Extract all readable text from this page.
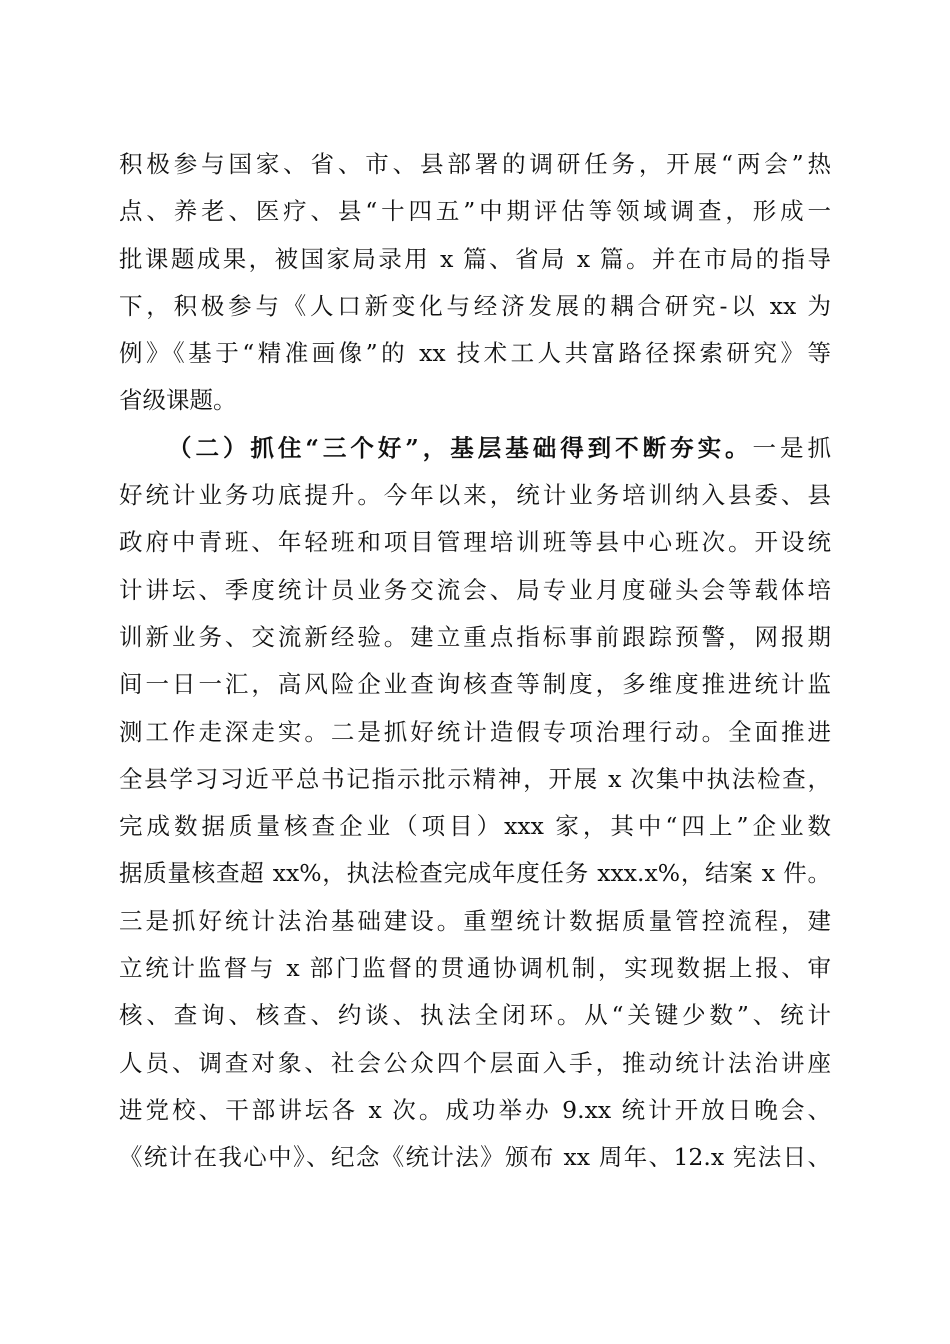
积极参与国家、省、市、县部署的调研任务，开展“两会”热
点、养老、医疗、县“十四五”中期评估等领域调查，形成一
批课题成果，被国家局录用 x 篇、省局 x 篇。并在市局的指导
下，积极参与《人口新变化与经济发展的耦合研究-以 xx 为
例》《基于“精准画像”的 xx 技术工人共富路径探索研究》等
省级课题。
（二）抓住“三个好”，基层基础得到不断夯实。一是抓
好统计业务功底提升。今年以来，统计业务培训纳入县委、县
政府中青班、年轻班和项目管理培训班等县中心班次。开设统
计讲坛、季度统计员业务交流会、局专业月度碰头会等载体培
训新业务、交流新经验。建立重点指标事前跟踪预警，网报期
间一日一汇，高风险企业查询核查等制度，多维度推进统计监
测工作走深走实。二是抓好统计造假专项治理行动。全面推进
全县学习习近平总书记指示批示精神，开展 x 次集中执法检查，
完成数据质量核查企业（项目）xxx 家，其中“四上”企业数
据质量核查超 xx%，执法检查完成年度任务 xxx.x%，结案 x 件。
三是抓好统计法治基础建设。重塑统计数据质量管控流程，建
立统计监督与 x 部门监督的贯通协调机制，实现数据上报、审
核、查询、核查、约谈、执法全闭环。从“关键少数”、统计
人员、调查对象、社会公众四个层面入手，推动统计法治讲座
进党校、干部讲坛各 x 次。成功举办 9.xx 统计开放日晚会、
《统计在我心中》、纪念《统计法》颁布 xx 周年、12.x 宪法日、
